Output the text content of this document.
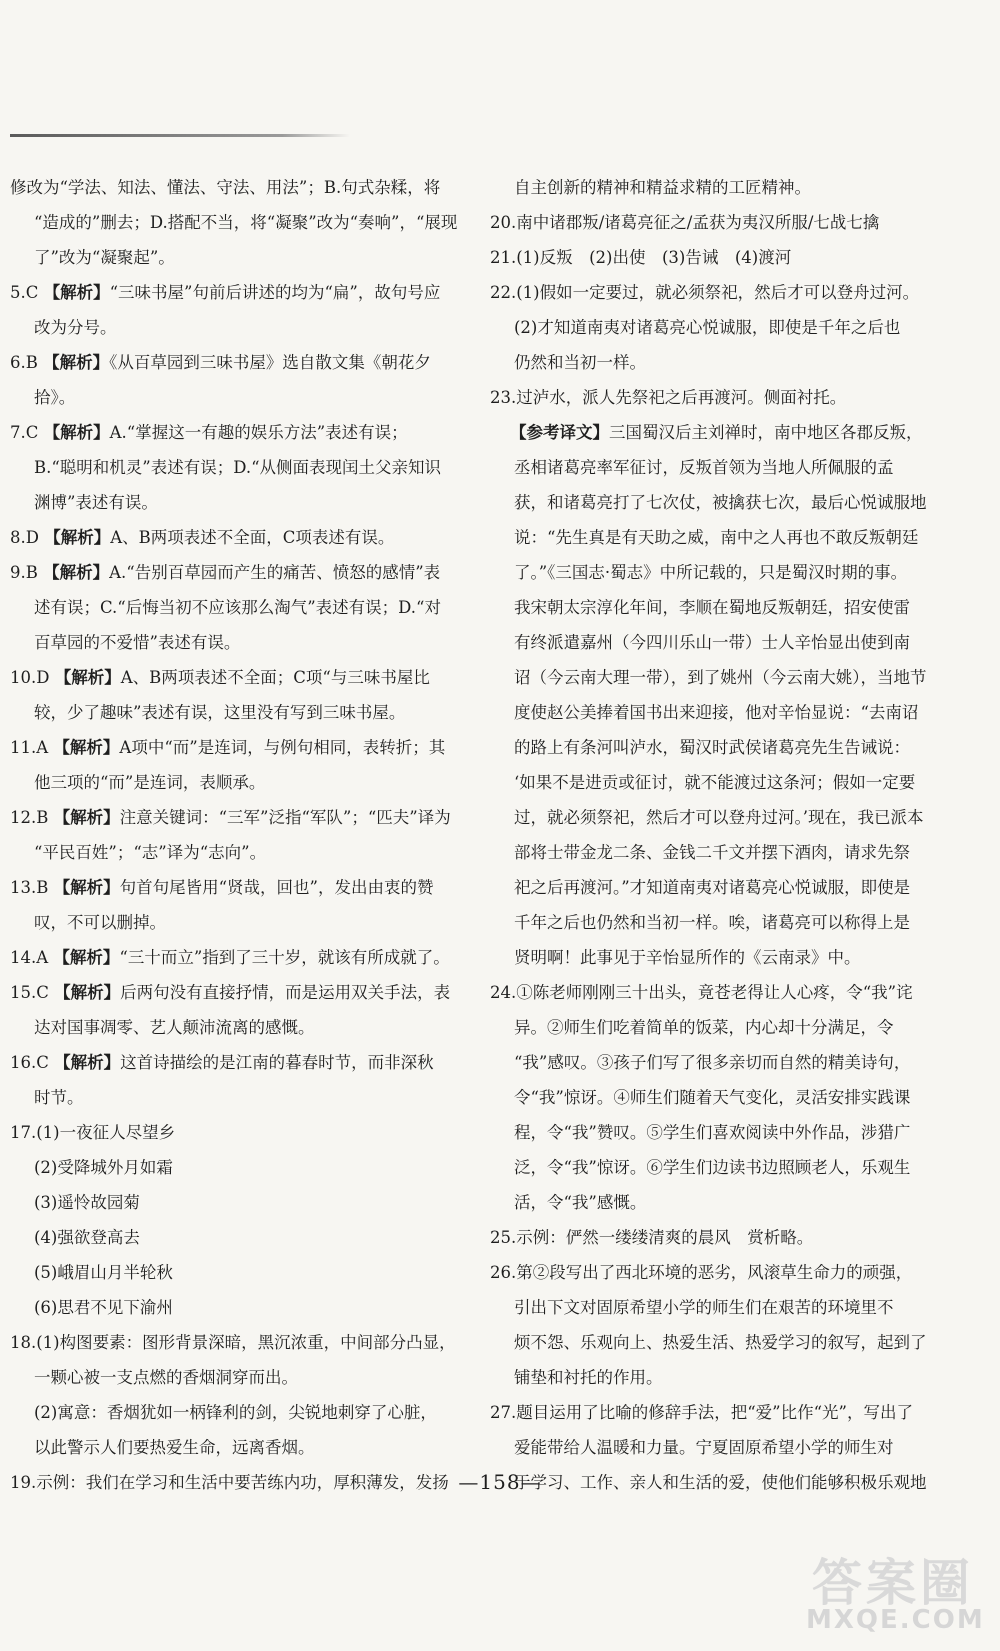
修改为“学法、知法、懂法、守法、用法”；B.句式杂糅，将
“造成的”删去；D.搭配不当，将“凝聚”改为“奏响”，“展现
了”改为“凝聚起”。
5.C 【解析】“三味书屋”句前后讲述的均为“扁”，故句号应
改为分号。
6.B 【解析】《从百草园到三味书屋》选自散文集《朝花夕
拾》。
7.C 【解析】A.“掌握这一有趣的娱乐方法”表述有误；
B.“聪明和机灵”表述有误；D.“从侧面表现闰土父亲知识
渊博”表述有误。
8.D 【解析】A、B两项表述不全面，C项表述有误。
9.B 【解析】A.“告别百草园而产生的痛苦、愤怒的感情”表
述有误；C.“后悔当初不应该那么淘气”表述有误；D.“对
百草园的不爱惜”表述有误。
10.D 【解析】A、B两项表述不全面；C项“与三味书屋比
较，少了趣味”表述有误，这里没有写到三味书屋。
11.A 【解析】A项中“而”是连词，与例句相同，表转折；其
他三项的“而”是连词，表顺承。
12.B 【解析】注意关键词：“三军”泛指“军队”；“匹夫”译为
“平民百姓”；“志”译为“志向”。
13.B 【解析】句首句尾皆用“贤哉，回也”，发出由衷的赞
叹，不可以删掉。
14.A 【解析】“三十而立”指到了三十岁，就该有所成就了。
15.C 【解析】后两句没有直接抒情，而是运用双关手法，表
达对国事凋零、艺人颠沛流离的感慨。
16.C 【解析】这首诗描绘的是江南的暮春时节，而非深秋
时节。
17.(1)一夜征人尽望乡
(2)受降城外月如霜
(3)遥怜故园菊
(4)强欲登高去
(5)峨眉山月半轮秋
(6)思君不见下渝州
18.(1)构图要素：图形背景深暗，黑沉浓重，中间部分凸显，
一颗心被一支点燃的香烟洞穿而出。
(2)寓意：香烟犹如一柄锋利的剑，尖锐地刺穿了心脏，
以此警示人们要热爱生命，远离香烟。
19.示例：我们在学习和生活中要苦练内功，厚积薄发，发扬
自主创新的精神和精益求精的工匠精神。
20.南中诸郡叛/诸葛亮征之/孟获为夷汉所服/七战七擒
21.(1)反叛　(2)出使　(3)告诫　(4)渡河
22.(1)假如一定要过，就必须祭祀，然后才可以登舟过河。
(2)才知道南夷对诸葛亮心悦诚服，即使是千年之后也
仍然和当初一样。
23.过泸水，派人先祭祀之后再渡河。侧面衬托。
【参考译文】三国蜀汉后主刘禅时，南中地区各郡反叛，
丞相诸葛亮率军征讨，反叛首领为当地人所佩服的孟
获，和诸葛亮打了七次仗，被擒获七次，最后心悦诚服地
说：“先生真是有天助之威，南中之人再也不敢反叛朝廷
了。”《三国志·蜀志》中所记载的，只是蜀汉时期的事。
我宋朝太宗淳化年间，李顺在蜀地反叛朝廷，招安使雷
有终派遣嘉州（今四川乐山一带）士人辛怡显出使到南
诏（今云南大理一带），到了姚州（今云南大姚），当地节
度使赵公美捧着国书出来迎接，他对辛怡显说：“去南诏
的路上有条河叫泸水，蜀汉时武侯诸葛亮先生告诫说：
‘如果不是进贡或征讨，就不能渡过这条河；假如一定要
过，就必须祭祀，然后才可以登舟过河。’现在，我已派本
部将士带金龙二条、金钱二千文并摆下酒肉，请求先祭
祀之后再渡河。”才知道南夷对诸葛亮心悦诚服，即使是
千年之后也仍然和当初一样。唉，诸葛亮可以称得上是
贤明啊！此事见于辛怡显所作的《云南录》中。
24.①陈老师刚刚三十出头，竟苍老得让人心疼，令“我”诧
异。②师生们吃着简单的饭菜，内心却十分满足，令
“我”感叹。③孩子们写了很多亲切而自然的精美诗句，
令“我”惊讶。④师生们随着天气变化，灵活安排实践课
程，令“我”赞叹。⑤学生们喜欢阅读中外作品，涉猎广
泛，令“我”惊讶。⑥学生们边读书边照顾老人，乐观生
活，令“我”感慨。
25.示例：俨然一缕缕清爽的晨风　赏析略。
26.第②段写出了西北环境的恶劣，风滚草生命力的顽强，
引出下文对固原希望小学的师生们在艰苦的环境里不
烦不怨、乐观向上、热爱生活、热爱学习的叙写，起到了
铺垫和衬托的作用。
27.题目运用了比喻的修辞手法，把“爱”比作“光”，写出了
爱能带给人温暖和力量。宁夏固原希望小学的师生对
于学习、工作、亲人和生活的爱，使他们能够积极乐观地
—158—
答案圈
MXQE.COM
